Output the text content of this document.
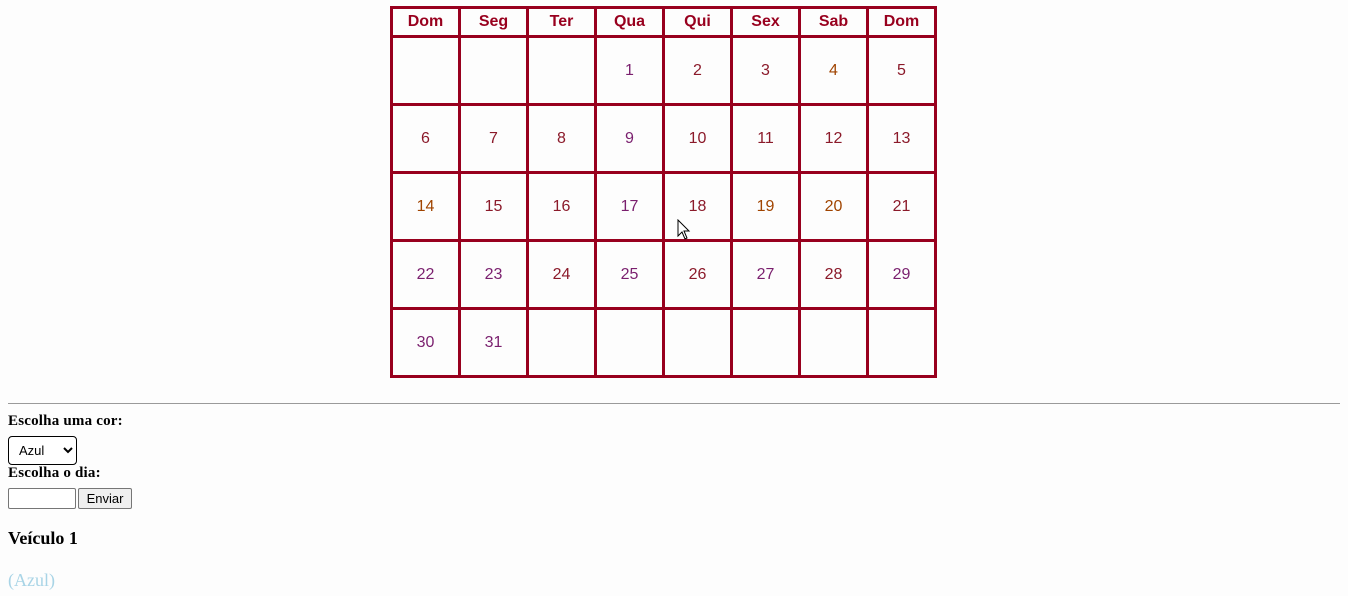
Dom	Seg	Ter	Qua	Qui	Sex	Sab	Dom
			1	2	3	4	5
6	7	8	9	10	11	12	13
14	15	16	17	18	19	20	21
22	23	24	25	26	27	28	29
30	31						
Escolha uma cor:
Azul
Escolha o dia:
Enviar
Veículo 1
(Azul)
